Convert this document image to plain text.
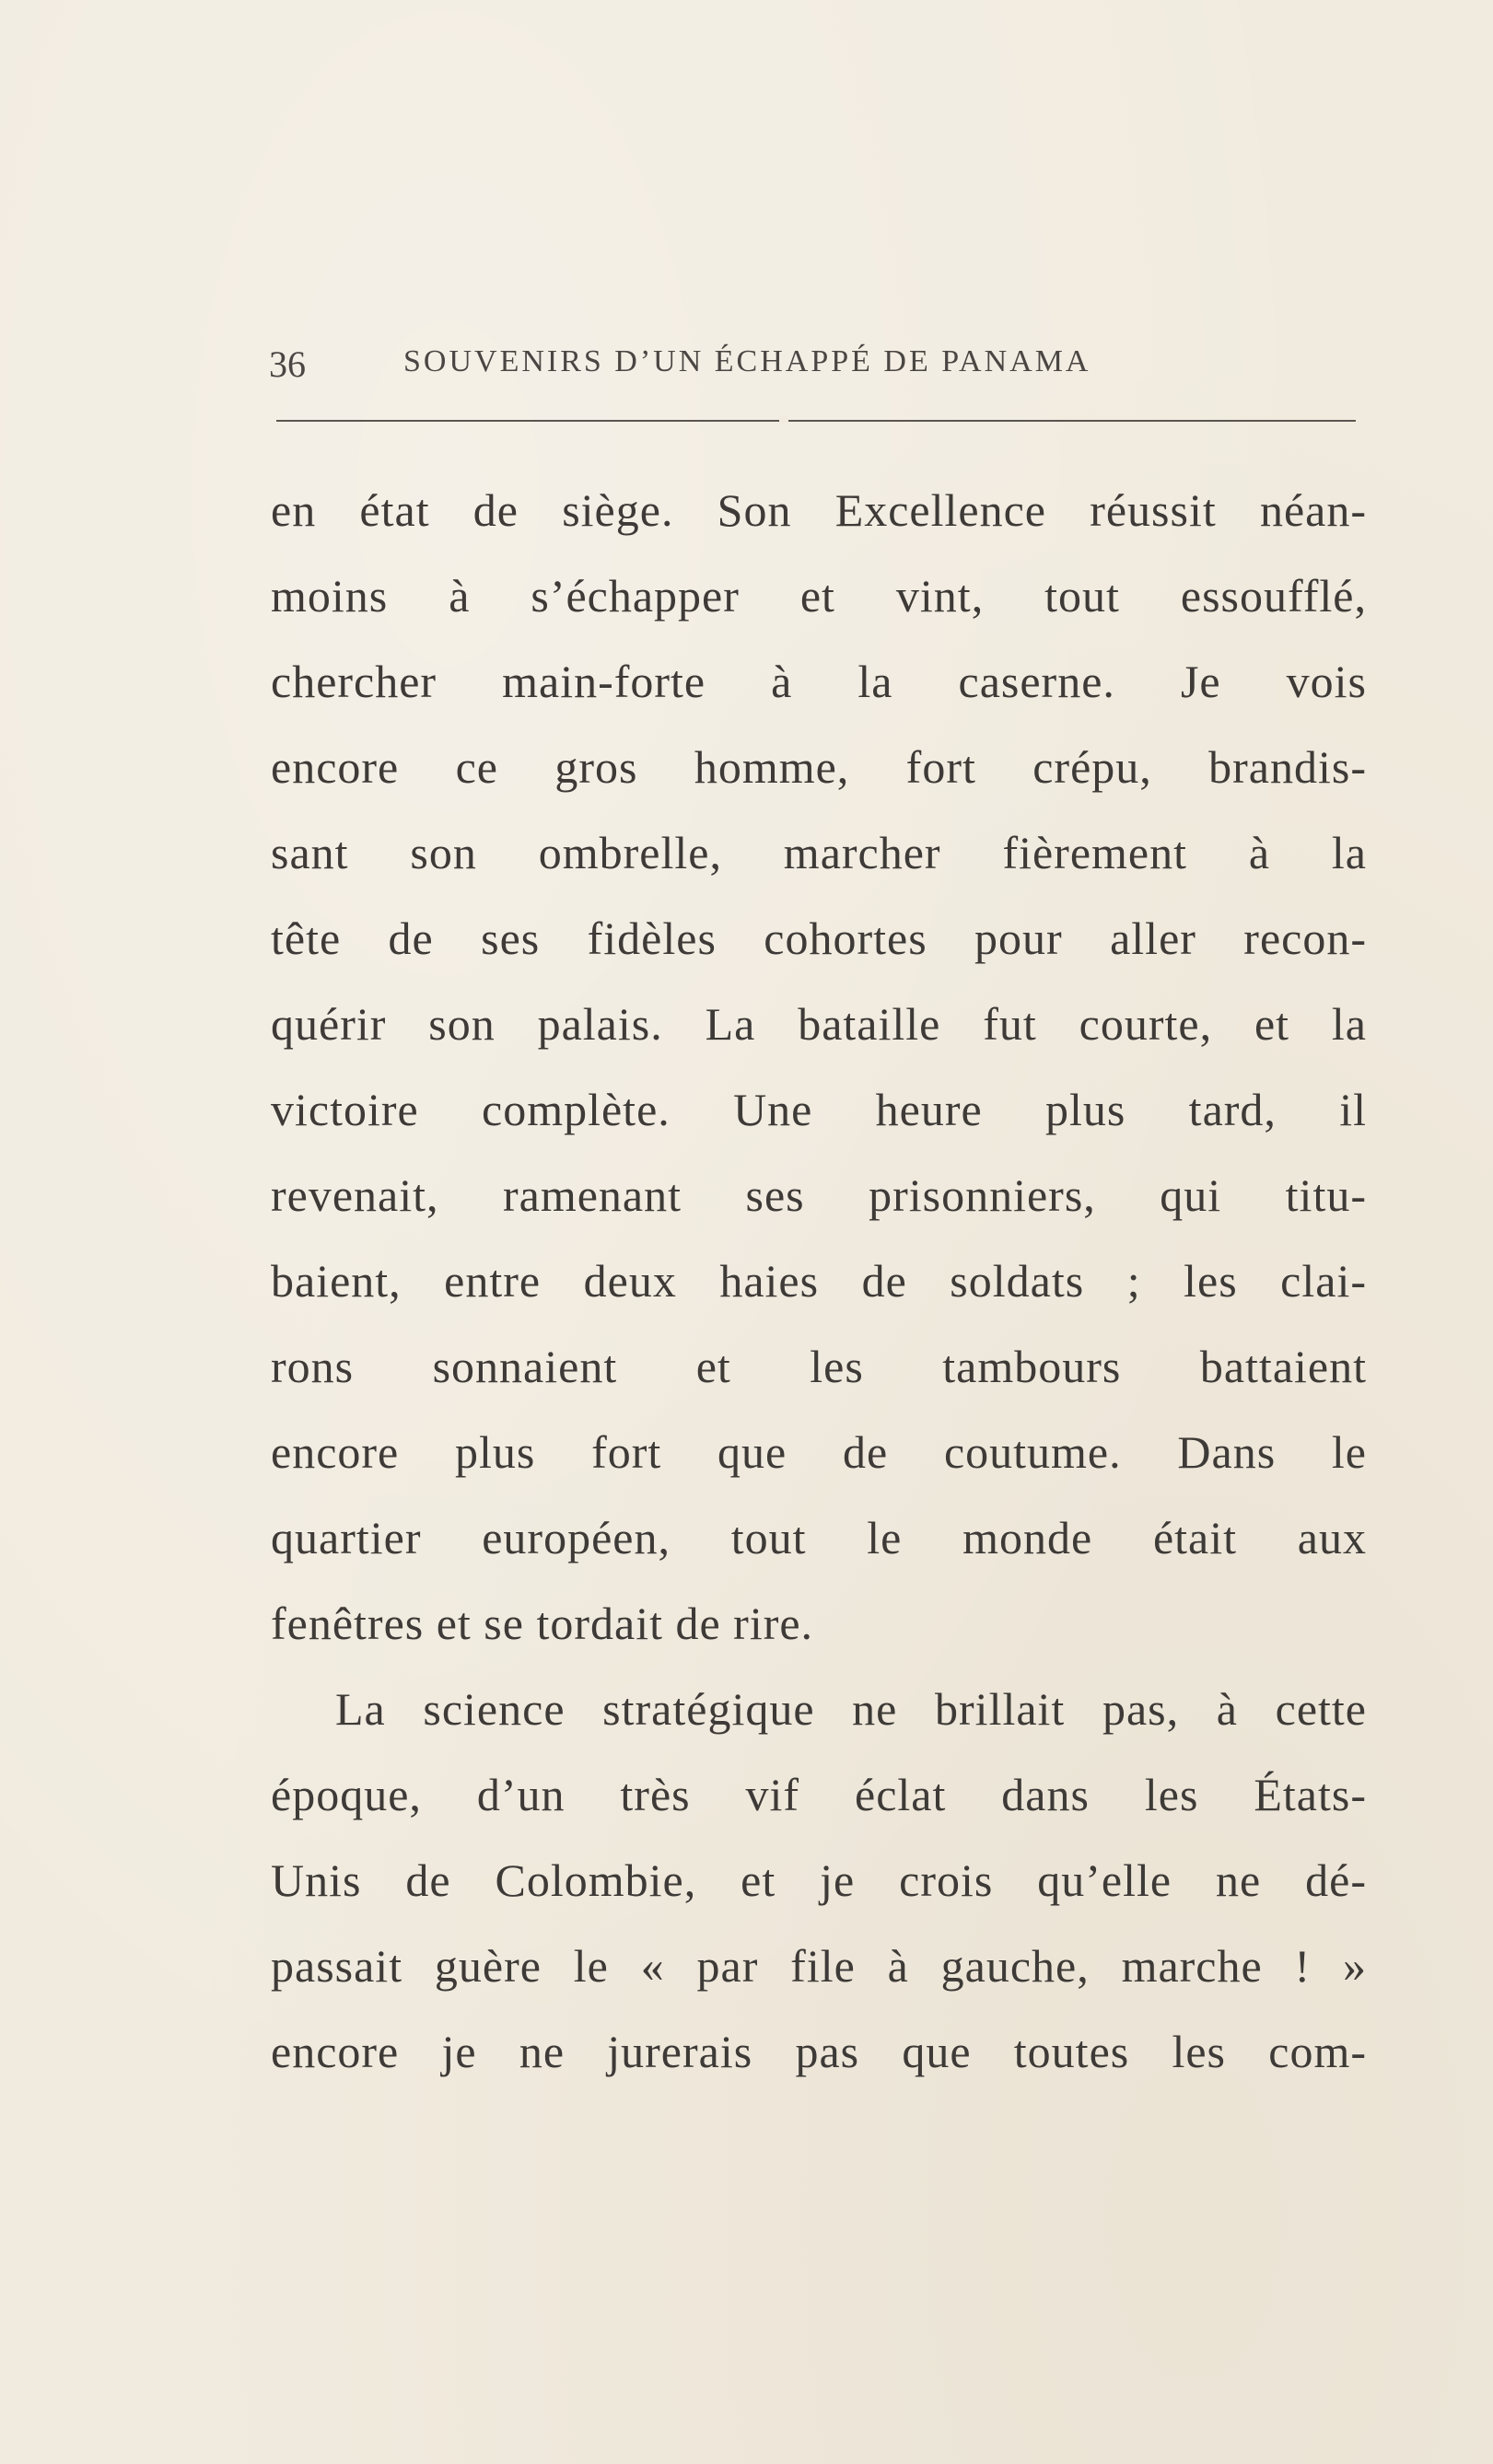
36	SOUVENIRS D’UN ÉCHAPPÉ DE PANAMA
en état de siège. Son Excellence réussit néan-
moins à s’échapper et vint, tout essoufflé,
chercher main-forte à la caserne. Je vois
encore ce gros homme, fort crépu, brandis-
sant son ombrelle, marcher fièrement à la
tête de ses fidèles cohortes pour aller recon-
quérir son palais. La bataille fut courte, et la
victoire complète. Une heure plus tard, il
revenait, ramenant ses prisonniers, qui titu-
baient, entre deux haies de soldats ; les clai-
rons sonnaient et les tambours battaient
encore plus fort que de coutume. Dans le
quartier européen, tout le monde était aux
fenêtres et se tordait de rire.
La science stratégique ne brillait pas, à cette
époque, d’un très vif éclat dans les États-
Unis de Colombie, et je crois qu’elle ne dé-
passait guère le « par file à gauche, marche ! »
encore je ne jurerais pas que toutes les com-
